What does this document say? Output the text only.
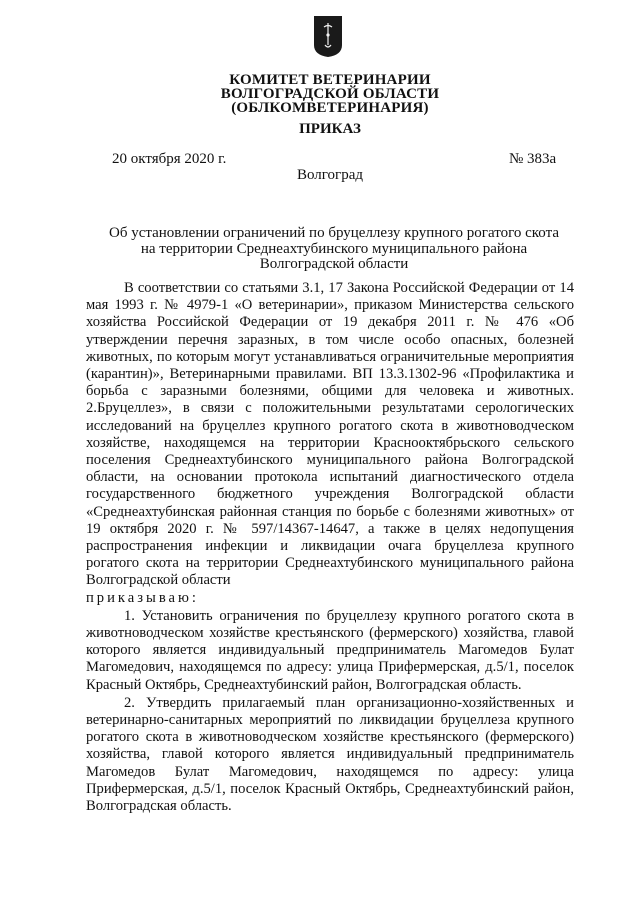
КОМИТЕТ ВЕТЕРИНАРИИ
ВОЛГОГРАДСКОЙ ОБЛАСТИ
(ОБЛКОМВЕТЕРИНАРИЯ)
ПРИКАЗ
20 октября 2020 г.	№ 383а
Волгоград
Об установлении ограничений по бруцеллезу крупного рогатого скота
на территории Среднеахтубинского муниципального района
Волгоградской области

В соответствии со статьями 3.1, 17 Закона Российской Федерации от 14 мая 1993 г. № 4979-1 «О ветеринарии», приказом Министерства сельского хозяйства Российской Федерации от 19 декабря 2011 г. № 476 «Об утверждении перечня заразных, в том числе особо опасных, болезней животных, по которым могут устанавливаться ограничительные мероприятия (карантин)», Ветеринарными правилами. ВП 13.3.1302-96 «Профилактика и борьба с заразными болезнями, общими для человека и животных. 2.Бруцеллез», в связи с положительными результатами серологических исследований на бруцеллез крупного рогатого скота в животноводческом хозяйстве, находящемся на территории Краснооктябрьского сельского поселения Среднеахтубинского муниципального района Волгоградской области, на основании протокола испытаний диагностического отдела государственного бюджетного учреждения Волгоградской области «Среднеахтубинская районная станция по борьбе с болезнями животных» от 19 октября 2020 г. № 597/14367-14647, а также в целях недопущения распространения инфекции и ликвидации очага бруцеллеза крупного рогатого скота на территории Среднеахтубинского муниципального района Волгоградской области
приказываю:

1. Установить ограничения по бруцеллезу крупного рогатого скота в животноводческом хозяйстве крестьянского (фермерского) хозяйства, главой которого является индивидуальный предприниматель Магомедов Булат Магомедович, находящемся по адресу: улица Прифермерская, д.5/1, поселок Красный Октябрь, Среднеахтубинский район, Волгоградская область.

2. Утвердить прилагаемый план организационно-хозяйственных и ветеринарно-санитарных мероприятий по ликвидации бруцеллеза крупного рогатого скота в животноводческом хозяйстве крестьянского (фермерского) хозяйства, главой которого является индивидуальный предприниматель Магомедов Булат Магомедович, находящемся по адресу: улица Прифермерская, д.5/1, поселок Красный Октябрь, Среднеахтубинский район, Волгоградская область.
